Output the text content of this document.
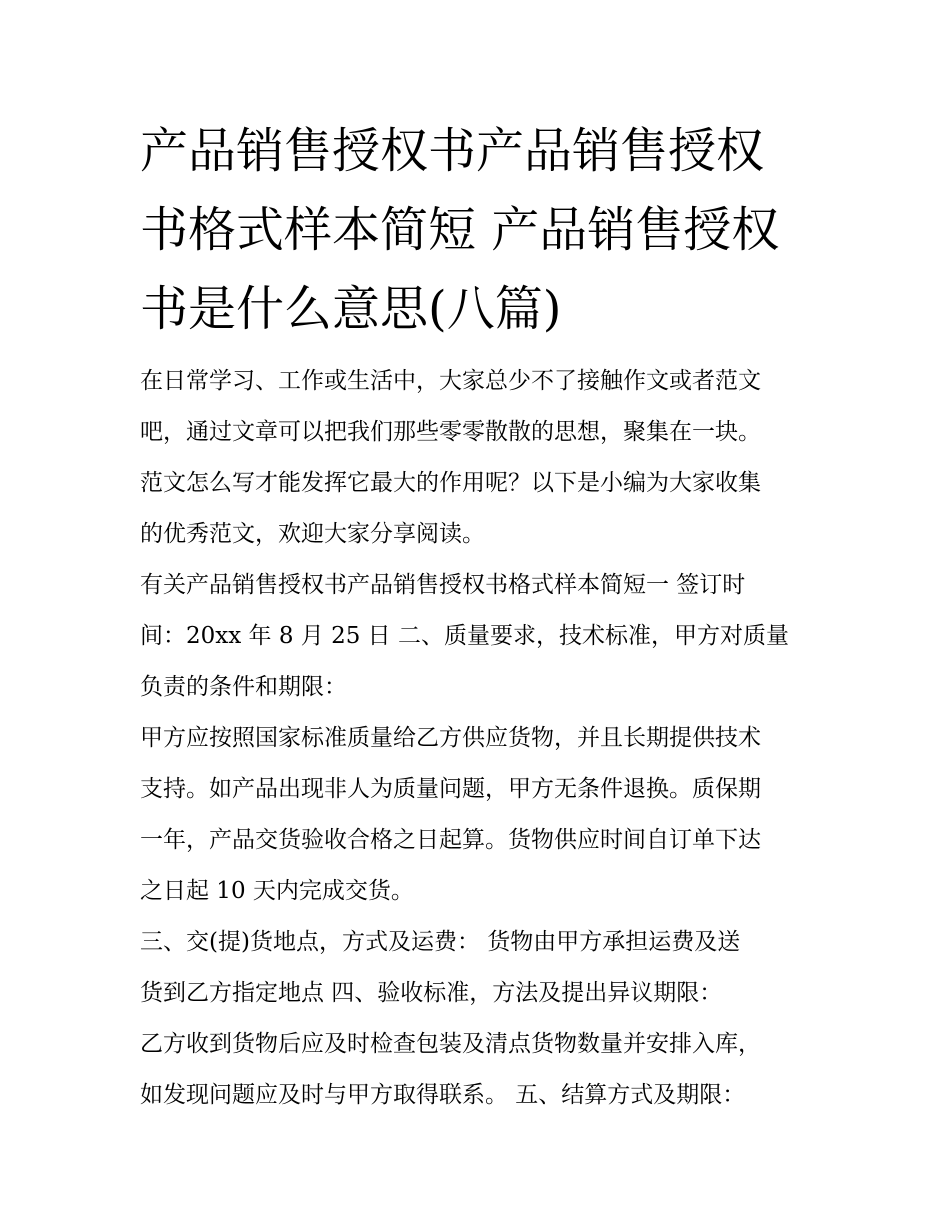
产品销售授权书产品销售授权
书格式样本简短 产品销售授权
书是什么意思(八篇)

在日常学习、工作或生活中，大家总少不了接触作文或者范文
吧，通过文章可以把我们那些零零散散的思想，聚集在一块。
范文怎么写才能发挥它最大的作用呢？以下是小编为大家收集
的优秀范文，欢迎大家分享阅读。

有关产品销售授权书产品销售授权书格式样本简短一 签订时
间：20xx 年 8 月 25 日 二、质量要求，技术标准，甲方对质量
负责的条件和期限：

甲方应按照国家标准质量给乙方供应货物，并且长期提供技术
支持。如产品出现非人为质量问题，甲方无条件退换。质保期
一年，产品交货验收合格之日起算。货物供应时间自订单下达
之日起 10 天内完成交货。

三、交(提)货地点，方式及运费： 货物由甲方承担运费及送
货到乙方指定地点 四、验收标准，方法及提出异议期限：

乙方收到货物后应及时检查包装及清点货物数量并安排入库，
如发现问题应及时与甲方取得联系。 五、结算方式及期限：
